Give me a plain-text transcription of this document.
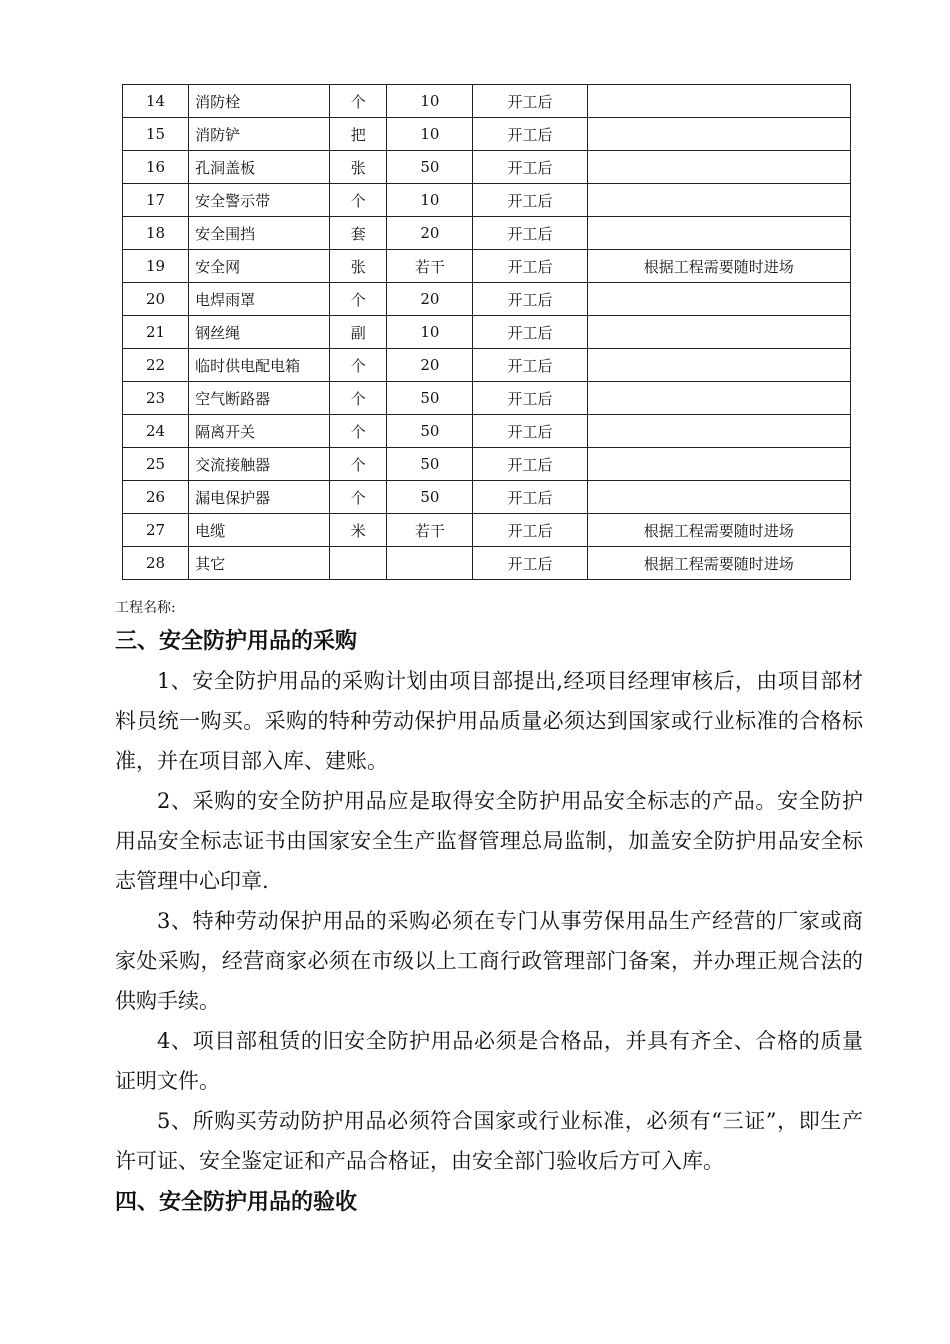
14	消防栓	个	10	开工后	
15	消防铲	把	10	开工后	
16	孔洞盖板	张	50	开工后	
17	安全警示带	个	10	开工后	
18	安全围挡	套	20	开工后	
19	安全网	张	若干	开工后	根据工程需要随时进场
20	电焊雨罩	个	20	开工后	
21	钢丝绳	副	10	开工后	
22	临时供电配电箱	个	20	开工后	
23	空气断路器	个	50	开工后	
24	隔离开关	个	50	开工后	
25	交流接触器	个	50	开工后	
26	漏电保护器	个	50	开工后	
27	电缆	米	若干	开工后	根据工程需要随时进场
28	其它			开工后	根据工程需要随时进场
工程名称:
三、安全防护用品的采购

1、安全防护用品的采购计划由项目部提出,经项目经理审核后，由项目部材料员统一购买。采购的特种劳动保护用品质量必须达到国家或行业标准的合格标准，并在项目部入库、建账。

2、采购的安全防护用品应是取得安全防护用品安全标志的产品。安全防护用品安全标志证书由国家安全生产监督管理总局监制，加盖安全防护用品安全标志管理中心印章.

3、特种劳动保护用品的采购必须在专门从事劳保用品生产经营的厂家或商家处采购，经营商家必须在市级以上工商行政管理部门备案，并办理正规合法的供购手续。

4、项目部租赁的旧安全防护用品必须是合格品，并具有齐全、合格的质量证明文件。

5、所购买劳动防护用品必须符合国家或行业标准，必须有“三证”，即生产许可证、安全鉴定证和产品合格证，由安全部门验收后方可入库。

四、安全防护用品的验收
